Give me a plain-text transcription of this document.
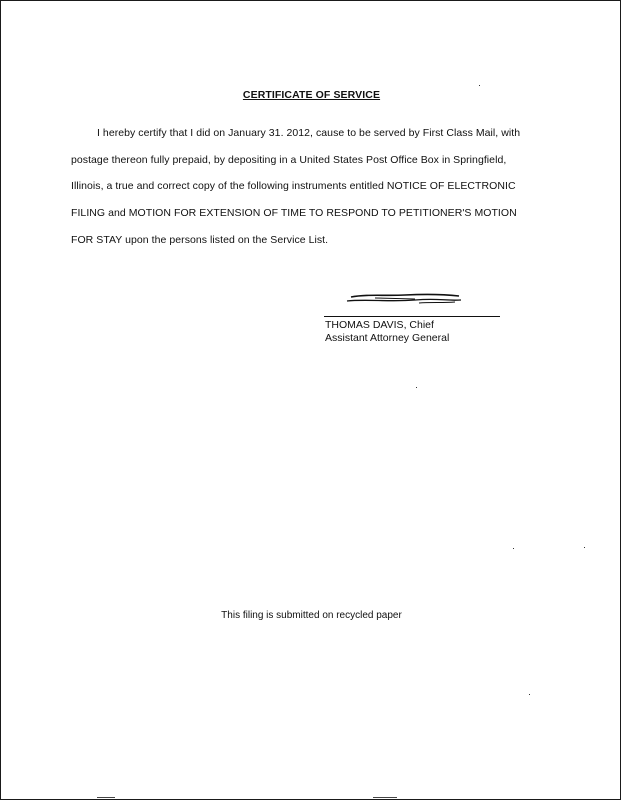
CERTIFICATE OF SERVICE
I hereby certify that I did on January 31. 2012, cause to be served by First Class Mail, with
postage thereon fully prepaid, by depositing in a United States Post Office Box in Springfield,
Illinois, a true and correct copy of the following instruments entitled NOTICE OF ELECTRONIC
FILING and MOTION FOR EXTENSION OF TIME TO RESPOND TO PETITIONER'S MOTION
FOR STAY upon the persons listed on the Service List.
THOMAS DAVIS, Chief
Assistant Attorney General
This filing is submitted on recycled paper
